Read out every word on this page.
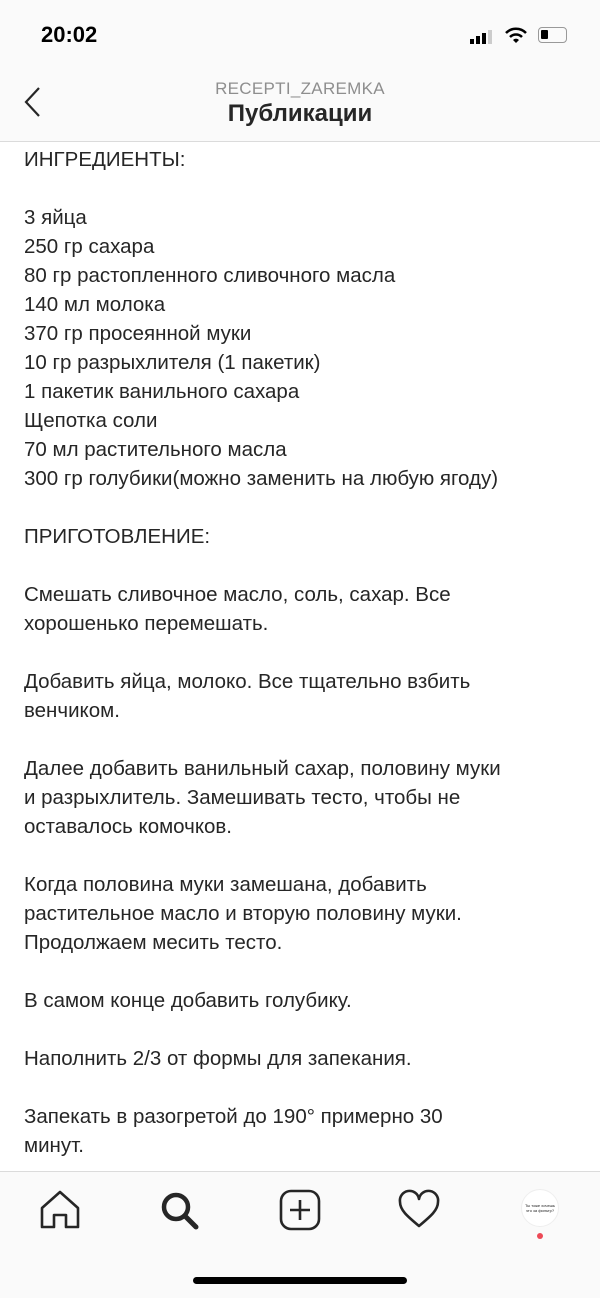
20:02
RECEPTI_ZAREMKA
Публикации

ИНГРЕДИЕНТЫ:

3 яйца

250 гр сахара

80 гр растопленного сливочного масла

140 мл молока

370 гр просеянной муки

10 гр разрыхлителя (1 пакетик)

1 пакетик ванильного сахара

Щепотка соли

70 мл растительного масла

300 гр голубики(можно заменить на любую ягоду)

ПРИГОТОВЛЕНИЕ:

Смешать сливочное масло, соль, сахар. Все

хорошенько перемешать.

Добавить яйца, молоко. Все тщательно взбить

венчиком.

Далее добавить ванильный сахар, половину муки

и разрыхлитель. Замешивать тесто, чтобы не

оставалось комочков.

Когда половина муки замешана, добавить

растительное масло и вторую половину муки.

Продолжаем месить тесто.

В самом конце добавить голубику.

Наполнить 2/3 от формы для запекания.

Запекать в разогретой до 190° примерно 30

минут.

Ты тоже хочешь что за фильтр?
